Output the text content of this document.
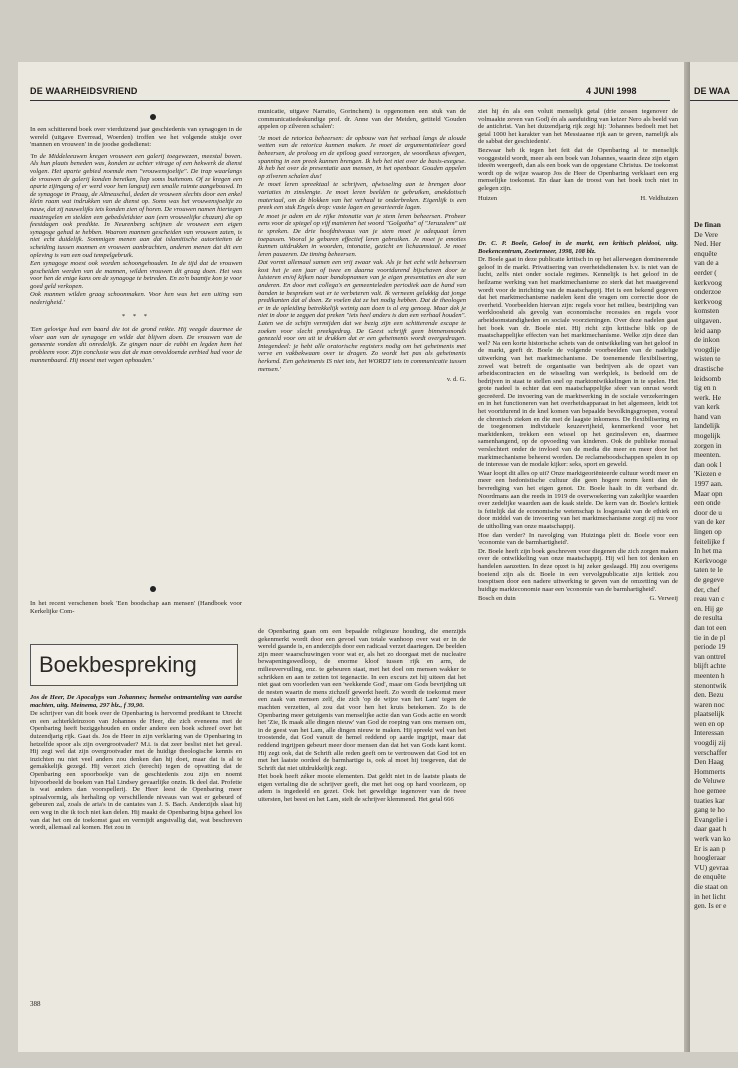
DE WAARHEIDSVRIEND	4 JUNI 1998

In een schitterend boek over vierduizend jaar geschiedenis van synagogen in de wereld (uitgave Everread, Woerden) troffen we het volgende stukje over 'mannen en vrouwen' in de joodse godsdienst:

'In de Middeleeuwen kregen vrouwen een galerij toegewezen, meestal boven. Als hun plaats beneden was, konden ze achter vitrage of een hekwerk de dienst volgen. Het aparte gebied noemde men "vrouwensjoeltje". De trap waarlangs de vrouwen de galerij konden bereiken, liep soms buitenom. Of ze kregen een aparte zijingang of er werd voor hen langszij een smalle ruimte aangebouwd. In de synagoge in Praag, de Altneuschul, deden de vrouwen slechts door een enkel klein raam wat indrukken van de dienst op. Soms was het vrouwensjoeltje zo nauw, dat zij nauwelijks iets konden zien of horen. De vrouwen namen hiertegen maatregelen en stelden een gebedsleidster aan (een vrouwelijke chazan) die op feestdagen ook predikte. In Neurenberg schijnen de vrouwen een eigen synagoge gehad te hebben. Waarom mannen gescheiden van vrouwen zaten, is niet echt duidelijk. Sommigen menen aan dat islamitische autoriteiten de scheiding tussen mannen en vrouwen aanbrachten, anderen menen dat dit een opleving is van een oud tempelgebruik.

Een synagoge moest ook worden schoongehouden. In de tijd dat de vrouwen gescheiden werden van de mannen, wilden vrouwen dit graag doen. Het was voor hen de enige kans om de synagoge te betreden. En zo'n baantje kon je voor goed geld verkopen.

Ook mannen wilden graag schoonmaken. Voor hen was het een uiting van nederigheid.'

* * *

'Een gelovige had een baard die tot de grond reikte. Hij veegde daarmee de vloer aan van de synagoge en wilde dat blijven doen. De vrouwen van de gemeente vonden dit onredelijk. Ze gingen naar de rabbi en legden hem het probleem voor. Zijn conclusie was dat de man onvoldoende eerbied had voor de mannenbaard. Hij moest met vegen ophouden.'

In het recent verschenen boek 'Een boodschap aan mensen' (Handboek voor Kerkelijke Com-

municatie, uitgave Narratio, Gorinchem) is opgenomen een stuk van de communicatiedeskundige prof. dr. Anne van der Meiden, getiteld 'Gouden appelen op zilveren schalen':

'Je moet de retorica beheersen: de opbouw van het verhaal langs de aloude wetten van de retorica kunnen maken. Je moet de argumentatieleer goed beheersen, de proloog en de epiloog goed verzorgen, de woordkeus afwegen, spanning in een preek kunnen brengen. Ik heb het niet over de basis-exegese. Ik heb het over de presentatie aan mensen, in het openbaar. Gouden appelen op zilveren schalen dus!

Je moet leren spreektaal te schrijven, afwisseling aan te brengen door variaties in zinslengte. Je moet leren beelden te gebruiken, anekdotisch materiaal, om de blokken van het verhaal te onderbreken. Eigenlijk is een preek een stuk Engels drop: vaste lagen en gevarieerde lagen.

Je moet je adem en de rijke intonatie van je stem leren beheersen. Probeer eens voor de spiegel op vijf manieren het woord "Golgotha" of "Jeruzalem" uit te spreken. De drie hoofdniveaus van je stem moet je adequaat leren toepassen. Vooral je gebaren effectief leren gebruiken. Je moet je emoties kunnen uitdrukken in woorden, intonatie, gezicht en lichaamstaal. Je moet leren pauzeren. De timing beheersen.

Dat vormt allemaal samen een vrij zwaar vak. Als je het echt wilt beheersen kost het je een jaar of twee en daarna voortdurend bijschaven door te luisteren en/of kijken naar bandopnamen van je eigen presentaties en die van anderen. En door met collega's en gemeenteleden periodiek aan de hand van banden te bespreken wat er te verbeteren valt. Ik verneem gelukkig dat jonge predikanten dat al doen. Ze voelen dat ze het nodig hebben. Dat de theologen er in de opleiding betrekkelijk weinig aan doen is al erg genoeg. Maar dek je niet in door te zeggen dat preken "iets heel anders is dan een verhaal houden". Laten we de schijn vermijden dat we bezig zijn een schitterende escape te zoeken voor slecht preekgedrag. De Geest schrijft geen binnensmonds genezeld voor om uit te drukken dat er een geheimenis wordt overgedragen. Integendeel: je hebt alle oratorische registers nodig om het geheimenis met verve en vakbekwaam over te dragen. Zo wordt het pas als geheimenis herkend. Een geheimenis IS niet iets, het WORDT iets in communicatie tussen mensen.'

v. d. G.
Boekbespreking

Jos de Heer, De Apocalyps van Johannes; hemelse ontmanteling van aardse machten, uitg. Meinema, 297 blz., f 39,90.

De schrijver van dit boek over de Openbaring is hervormd predikant te Utrecht en een achterkleinzoon van Johannes de Heer, die zich eveneens met de Openbaring heeft beziggehouden en onder andere een boek schreef over het duizendjarig rijk. Gaat ds. Jos de Heer in zijn verklaring van de Openbaring in hetzelfde spoor als zijn overgrootvader? M.i. is dat zeer beslist niet het geval. Hij zegt wel dat zijn overgrootvader met de huidige theologische kennis en inzichten nu niet veel anders zou denken dan hij doet, maar dat is al te gemakkelijk gezegd. Hij verzet zich (terecht) tegen de opvatting dat de Openbaring een spoorboekje van de geschiedenis zou zijn en noemt bijvoorbeeld de boeken van Hal Lindsey gevaarlijke onzin. Ik deel dat. Profetie is wat anders dan voorspellerij. De Heer leest de Openbaring meer spiraalvormig, als herhaling op verschillende niveaus van wat er gebeurd of gebeuren zal, zoals de aria's in de cantates van J. S. Bach. Anderzijds slaat hij een weg in die ik toch niet kan delen. Hij maakt de Openbaring bijna geheel los van dat het om de toekomst gaat en vermijdt angstvallig dat, wat beschreven wordt, allemaal zal komen. Het zou in

de Openbaring gaan om een bepaalde religieuze houding, die enerzijds gekenmerkt wordt door een gevoel van totale wanhoop over wat er in de wereld gaande is, en anderzijds door een radicaal verzet daartegen. De beelden zijn meer waarschuwingen voor wat er, als het zo doorgaat met de nucleaire bewapeningswedloop, de enorme kloof tussen rijk en arm, de milieuvervuiling, enz. te gebeuren staat, met het doel om mensen wakker te schrikken en aan te zetten tot tegenactie. In een excurs zet hij uiteen dat het niet gaat om voorleden van een 'wekkende God', maar om Gods bevrijding uit de nesten waarin de mens zichzelf gewerkt heeft. Zo wordt de toekomst meer een zaak van mensen zelf, die zich 'op de wijze van het Lam' tegen de machten verzetten, al zou dat voor hen het kruis betekenen. Zo is de Openbaring meer getuigenis van menselijke actie dan van Gods actie en wordt het 'Zie, Ik maak alle dingen nieuw' van God de roeping van ons mensen om, in de geest van het Lam, alle dingen nieuw te maken. Hij spreekt wel van het troostende, dat God vanuit de hemel reddend op aarde ingrijpt, maar dat reddend ingrijpen gebeurt meer door mensen dan dat het van Gods kant komt. Hij zegt ook, dat de Schrift alle reden geeft om te vertrouwen dat God tot en met het laatste oordeel de barmhartige is, ook al moet hij toegeven, dat de Schrift dat niet uitdrukkelijk zegt.

Het boek heeft zéker mooie elementen. Dat geldt niet in de laatste plaats de eigen vertaling die de schrijver geeft, die met het oog op hard voorlezen, op adem is ingedeeld en gezet. Ook het geweldige tegenover van de twee uitersten, het beest en het Lam, stelt de schrijver klemmend. Het getal 666

ziet hij én als een voluit menselijk getal (drie zessen tegenover de volmaakte zeven van God) én als aanduiding van keizer Nero als beeld van de antichrist. Van het duizendjarig rijk zegt hij: 'Johannes bedoelt met het getal 1000 het karakter van het Messiaanse rijk aan te geven, namelijk als de sabbat der geschiedenis'.

Bezwaar heb ik tegen het feit dat de Openbaring al te menselijk vooggesteld wordt, meer als een boek van Johannes, waarin deze zijn eigen ideeën weergeeft, dan als een boek van de opgestane Christus. De toekomst wordt op de wijze waarop Jos de Heer de Openbaring verklaart een erg menselijke toekomst. En daar kan de troost van het boek toch niet in gelegen zijn.

Huizen	H. Veldhuizen

Dr. C. P. Boele, Geloof in de markt, een kritisch pleidooi, uitg. Boekencentrum, Zoetermeer, 1998, 108 blz.

Dr. Boele gaat in deze publicatie kritisch in op het allerwegen dominerende geloof in de markt. Privatisering van overheidsdiensten b.v. is niet van de lucht, zelfs niet onder sociale regimes. Kennelijk is het geloof in de heilzame werking van het marktmechanisme zo sterk dat het maatgevend wordt voor de inrichting van de maatschappij. Het is een bekend gegeven dat het marktmechanisme nadelen kent die vragen om correctie door de overheid. Voorbeelden hiervan zijn: regels voor het milieu, bestrijding van werkloosheid als gevolg van economische recessies en regels voor arbeidsomstandigheden en sociale voorzieningen. Over deze nadelen gaat het boek van dr. Boele niet. Hij richt zijn kritische blik op de maatschappelijke effecten van het marktmechanisme. Welke zijn deze dan wel? Na een korte historische schets van de ontwikkeling van het geloof in de markt, geeft dr. Boele de volgende voorbeelden van de nadelige uitwerking van het marktmechanisme. De toenemende flexibilisering, zowel wat betreft de organisatie van bedrijven als de opzet van arbeidscontracten en de wisseling van werkplek, is bedoeld om de bedrijven in staat te stellen snel op marktontwikkelingen in te spelen. Het grote nadeel is echter dat een maatschappelijke sfeer van onrust wordt gecreëerd. De invoering van de marktwerking in de sociale verzekeringen en in het functioneren van het overheidsapparaat in het algemeen, leidt tot het voortdurend in de knel komen van bepaalde bevolkingsgroepen, vooral de chronisch zieken en die met de laagste inkomens. De flexibilisering en de toegenomen individuele keuzevrijheid, kenmerkend voor het marktdenken, trekken een wissel op het gezinsleven en, daarmee samenhangend, op de opvoeding van kinderen. Ook de publieke moraal verslechtert onder de invloed van de media die meer en meer door het marktmechanisme beheerst worden. De reclameboodschappen spelen in op de interesse van de modale kijker: seks, sport en geweld.

Waar loopt dit alles op uit? Onze marktgeoriënteerde cultuur wordt meer en meer een hedonistische cultuur die geen hogere norm kent dan de bevrediging van het eigen genot. Dr. Boele haalt in dit verband dr. Noordmans aan die reeds in 1919 de overwoekering van zakelijke waarden over zedelijke waarden aan de kaak stelde. De kern van dr. Boele's kritiek is feitelijk dat de economische wetenschap is losgeraakt van de ethiek en door middel van de invoering van het marktmechanisme zorgt zij nu voor de uitholling van onze maatschappij.

Hoe dan verder? In navolging van Huizinga pleit dr. Boele voor een 'economie van de barmhartigheid'.

Dr. Boele heeft zijn boek geschreven voor diegenen die zich zorgen maken over de ontwikkeling van onze maatschappij. Hij wil hen tot denken en handelen aanzetten. In deze opzet is hij zeker geslaagd. Hij zou overigens boeiend zijn als dr. Boele in een vervolgpublicatie zijn kritiek zou toespitsen door een nadere uitwerking te geven van de omzetting van de huidige markteconomie naar een 'economie van de barmhartigheid'.

Bosch en duin	G. Verweij
388
DE WAA
De finan
De Vere
Ned. Her
enquête
van de a
eerder (
kerkvoog
onderzoe
kerkvoog
komsten
uitgaven.
leid aanp
de inkon
voogdije
wisten te
drastische
leidsomb
tig en n
werk. He
van kerk
hand van
landelijk
mogelijk
zorgen in
meenten.
dan ook l
'Kiezen e
1997 aan.
Maar opn
een onde
door de u
van de ker
lingen op
feitelijke f
In het ma
Kerkvooge
taten te le
de gegeve
der, chef
reau van c
en. Hij ge
de resulta
dan tot een
tie in de pl
periode 19
van onttrel
blijft achte
meenten h
stenontwik
den. Bezu
waren noc
plaatselijk
wen en op
Interessan
voogdij zij
verschaffer
Den Haag
Hommerts
de Veluwe
hoe gemee
tuaties kar
gang te ho
Evangelie i
daar gaat h
werk van ko
Er is aan p
hoogleraar
VU) gevraa
de enquête
die staat on
in het licht
gen. Is er e
